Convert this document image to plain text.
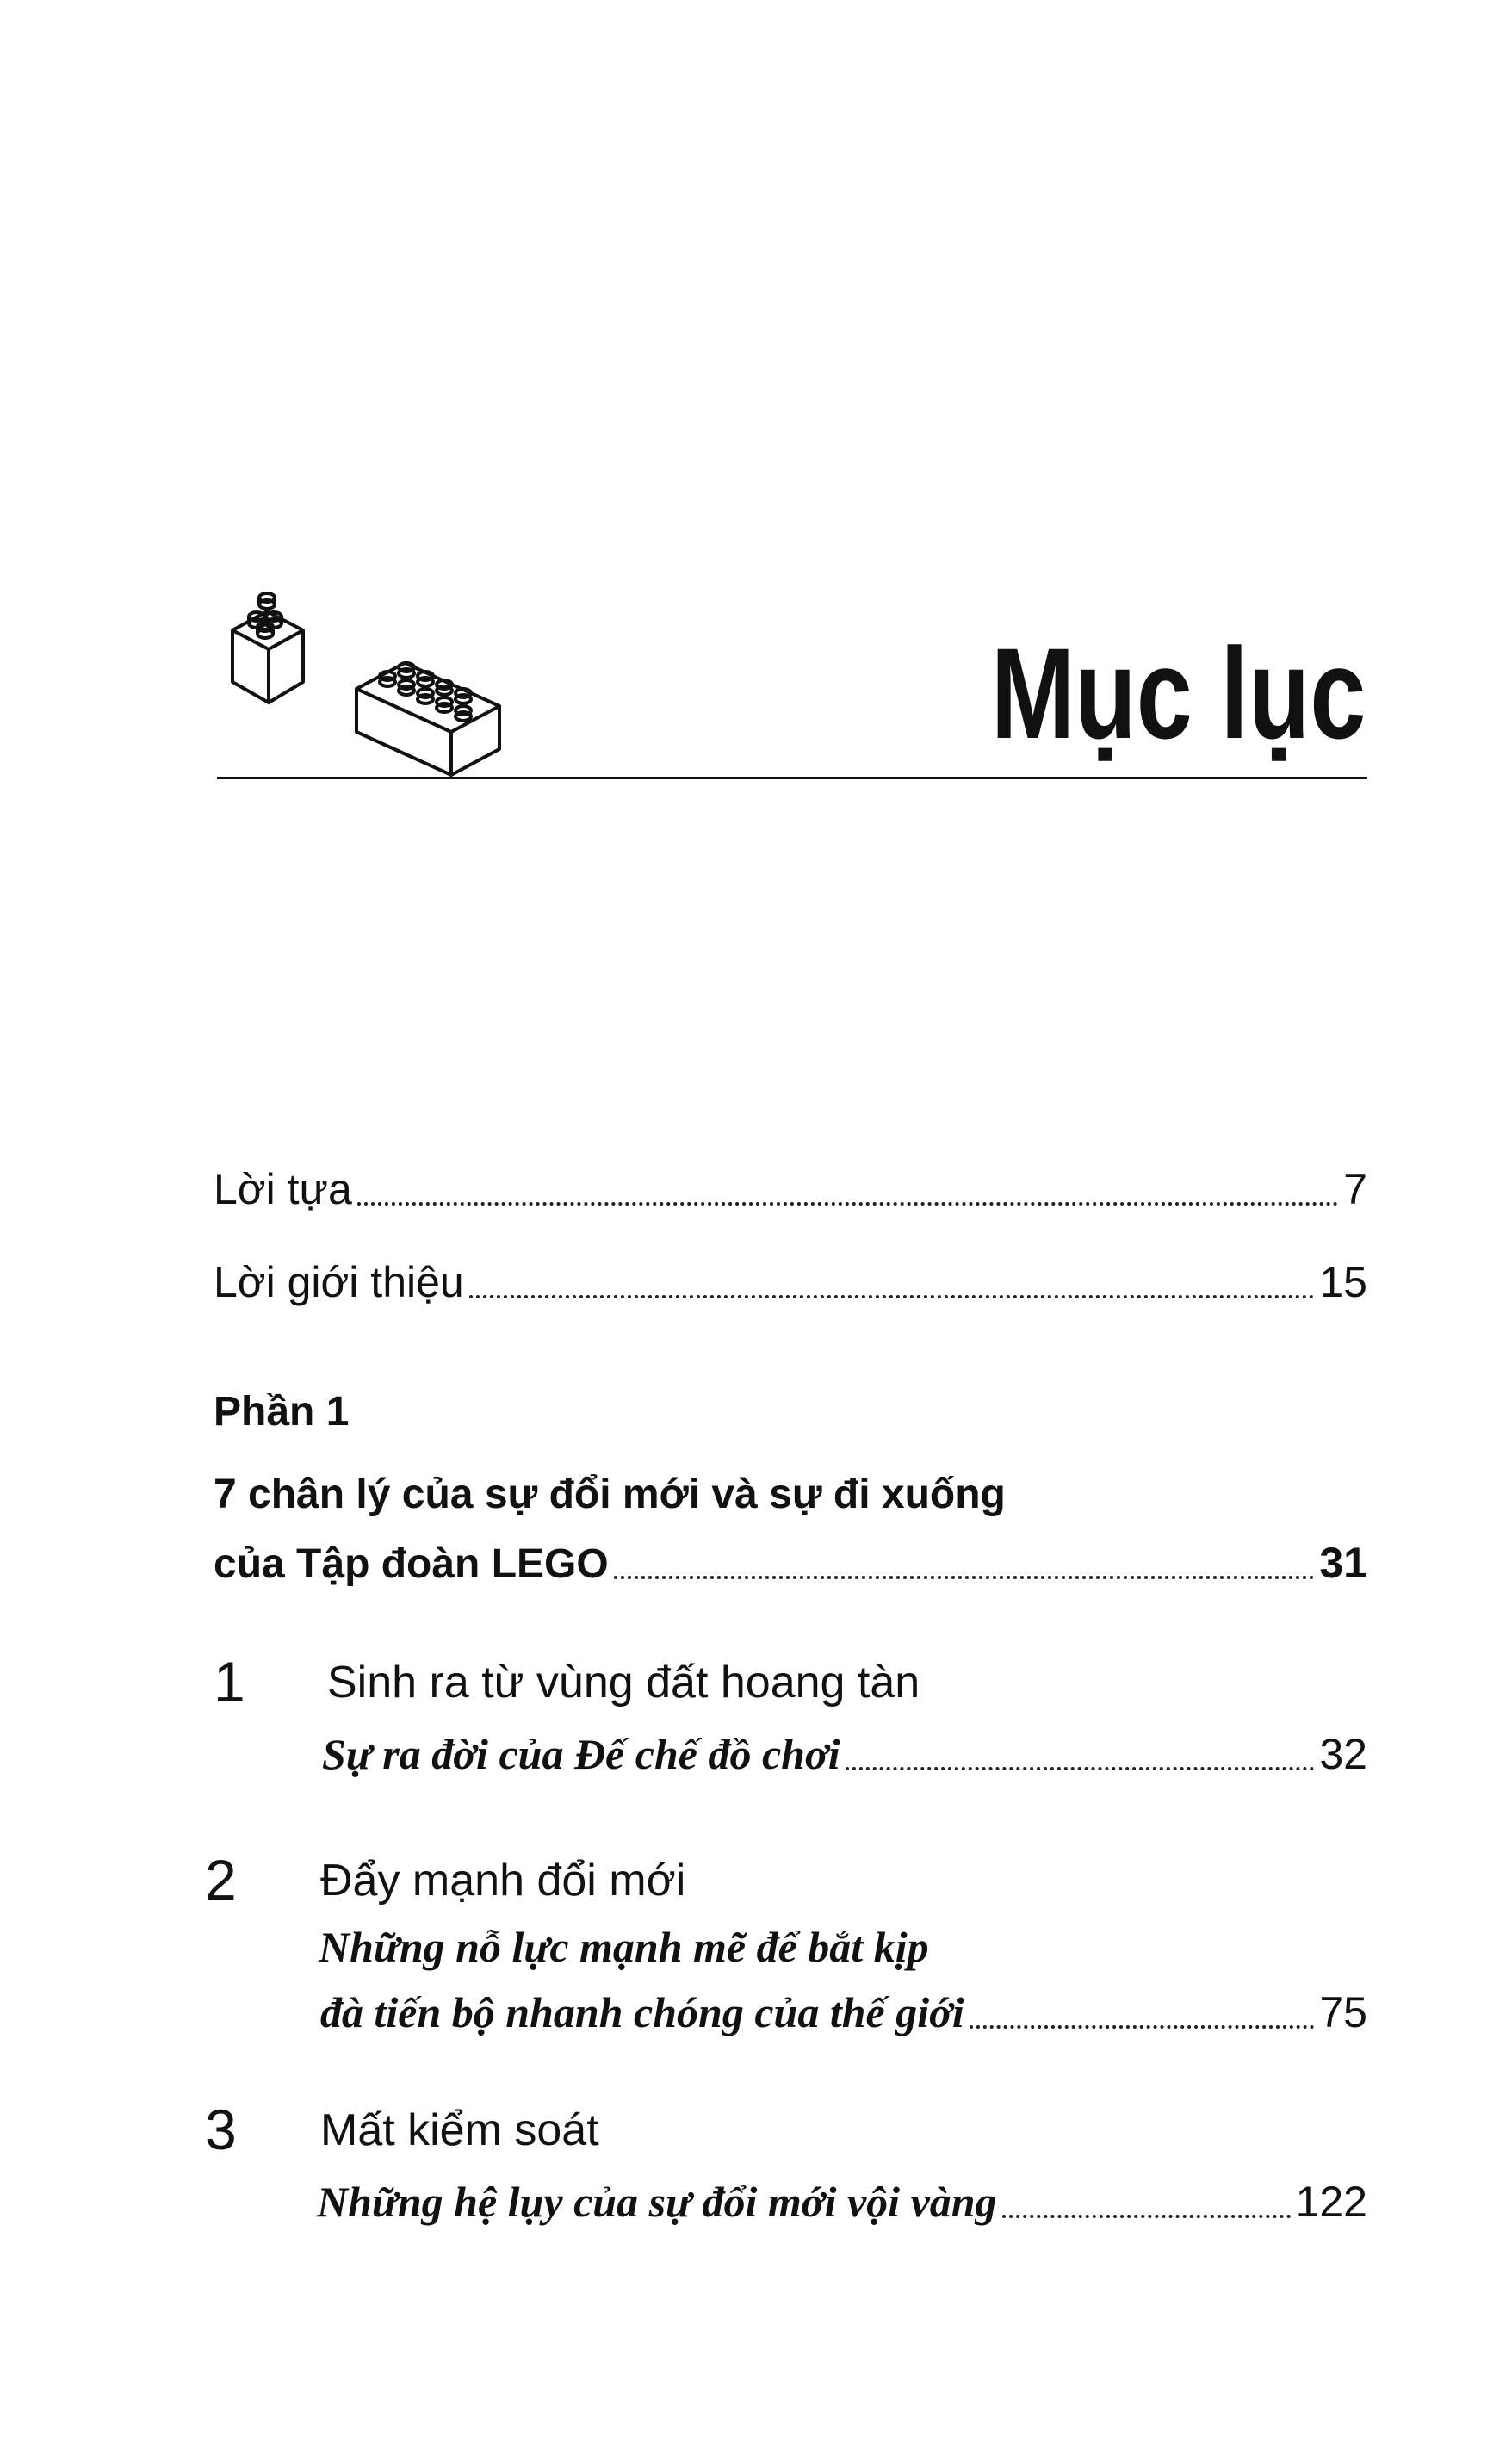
Mục lục
Lời tựa	7
Lời giới thiệu	15
Phần 1
7 chân lý của sự đổi mới và sự đi xuống
của Tập đoàn LEGO	31
1 Sinh ra từ vùng đất hoang tàn
Sự ra đời của Đế chế đồ chơi	32
2 Đẩy mạnh đổi mới
Những nỗ lực mạnh mẽ để bắt kịp
đà tiến bộ nhanh chóng của thế giới	75
3 Mất kiểm soát
Những hệ lụy của sự đổi mới vội vàng	122
